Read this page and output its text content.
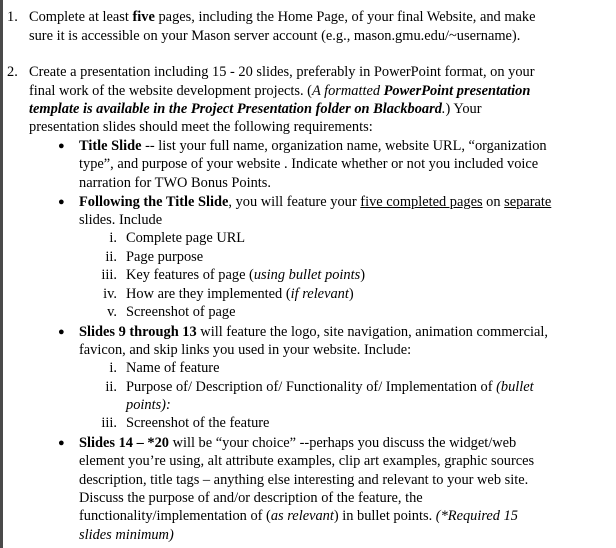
1. Complete at least five pages, including the Home Page, of your final Website, and make
sure it is accessible on your Mason server account (e.g., mason.gmu.edu/~username).
2. Create a presentation including 15 - 20 slides, preferably in PowerPoint format, on your
final work of the website development projects. (A formatted PowerPoint presentation
template is available in the Project Presentation folder on Blackboard.) Your
presentation slides should meet the following requirements:
● Title Slide -- list your full name, organization name, website URL, “organization
type”, and purpose of your website . Indicate whether or not you included voice
narration for TWO Bonus Points.
● Following the Title Slide, you will feature your five completed pages on separate
slides. Include
i. Complete page URL
ii. Page purpose
iii. Key features of page (using bullet points)
iv. How are they implemented (if relevant)
v. Screenshot of page
● Slides 9 through 13 will feature the logo, site navigation, animation commercial,
favicon, and skip links you used in your website. Include:
i. Name of feature
ii. Purpose of/ Description of/ Functionality of/ Implementation of (bullet
points):
iii. Screenshot of the feature
● Slides 14 – *20 will be “your choice” --perhaps you discuss the widget/web
element you’re using, alt attribute examples, clip art examples, graphic sources
description, title tags – anything else interesting and relevant to your web site.
Discuss the purpose of and/or description of the feature, the
functionality/implementation of (as relevant) in bullet points. (*Required 15
slides minimum)
